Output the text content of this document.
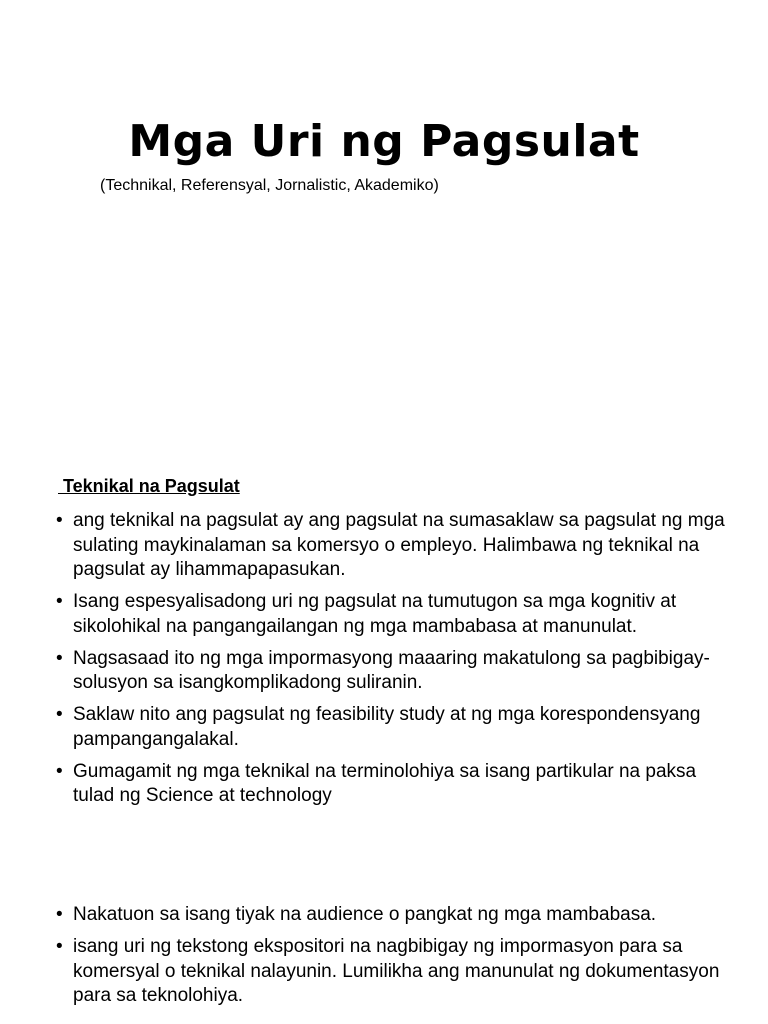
Mga Uri ng Pagsulat

(Technikal, Referensyal, Jornalistic, Akademiko)

Teknikal na Pagsulat

• ang teknikal na pagsulat ay ang pagsulat na sumasaklaw sa pagsulat ng mga sulating maykinalaman sa komersyo o empleyo. Halimbawa ng teknikal na pagsulat ay lihammapapasukan.
• Isang espesyalisadong uri ng pagsulat na tumutugon sa mga kognitiv at sikolohikal na pangangailangan ng mga mambabasa at manunulat.
• Nagsasaad ito ng mga impormasyong maaaring makatulong sa pagbibigay-solusyon sa isangkomplikadong suliranin.
• Saklaw nito ang pagsulat ng feasibility study at ng mga korespondensyang pampangangalakal.
• Gumagamit ng mga teknikal na terminolohiya sa isang partikular na paksa tulad ng Science at technology
• Nakatuon sa isang tiyak na audience o pangkat ng mga mambabasa.
• isang uri ng tekstong ekspositori na nagbibigay ng impormasyon para sa komersyal o teknikal nalayunin. Lumilikha ang manunulat ng dokumentasyon para sa teknolohiya.
